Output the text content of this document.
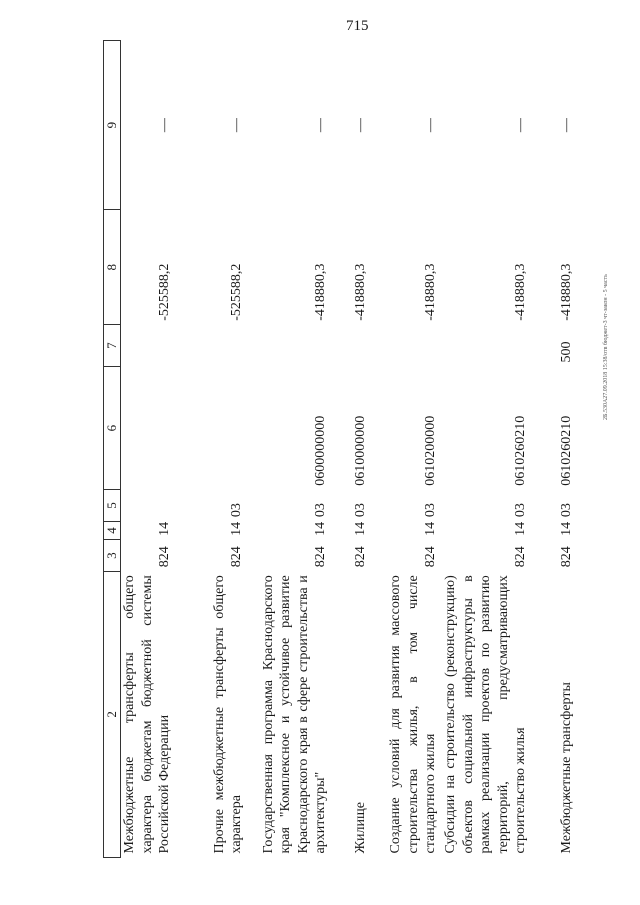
715
2Б.530А27.09.2018 15:38/отв бюджет-3 чт-закон - 5 часть
2	3	4	5	6	7	8	9
Межбюджетные трансферты общего характера бюджетам бюджетной системы Российской Федерации	824	14				-525588,2	—
Прочие межбюджетные трансферты общего характера	824	14	03			-525588,2	—
Государственная программа Краснодарского края "Комплексное и устойчивое развитие Краснодарского края в сфере строительства и архитектуры"	824	14	03	0600000000		-418880,3	—
Жилище	824	14	03	0610000000		-418880,3	—
Создание условий для развития массового строительства жилья, в том числе стандартного жилья	824	14	03	0610200000		-418880,3	—
Субсидии на строительство (реконструкцию) объектов социальной инфраструктуры в рамках реализации проектов по развитию территорий, предусматривающих строительство жилья	824	14	03	0610260210		-418880,3	—
Межбюджетные трансферты	824	14	03	0610260210	500	-418880,3	—
